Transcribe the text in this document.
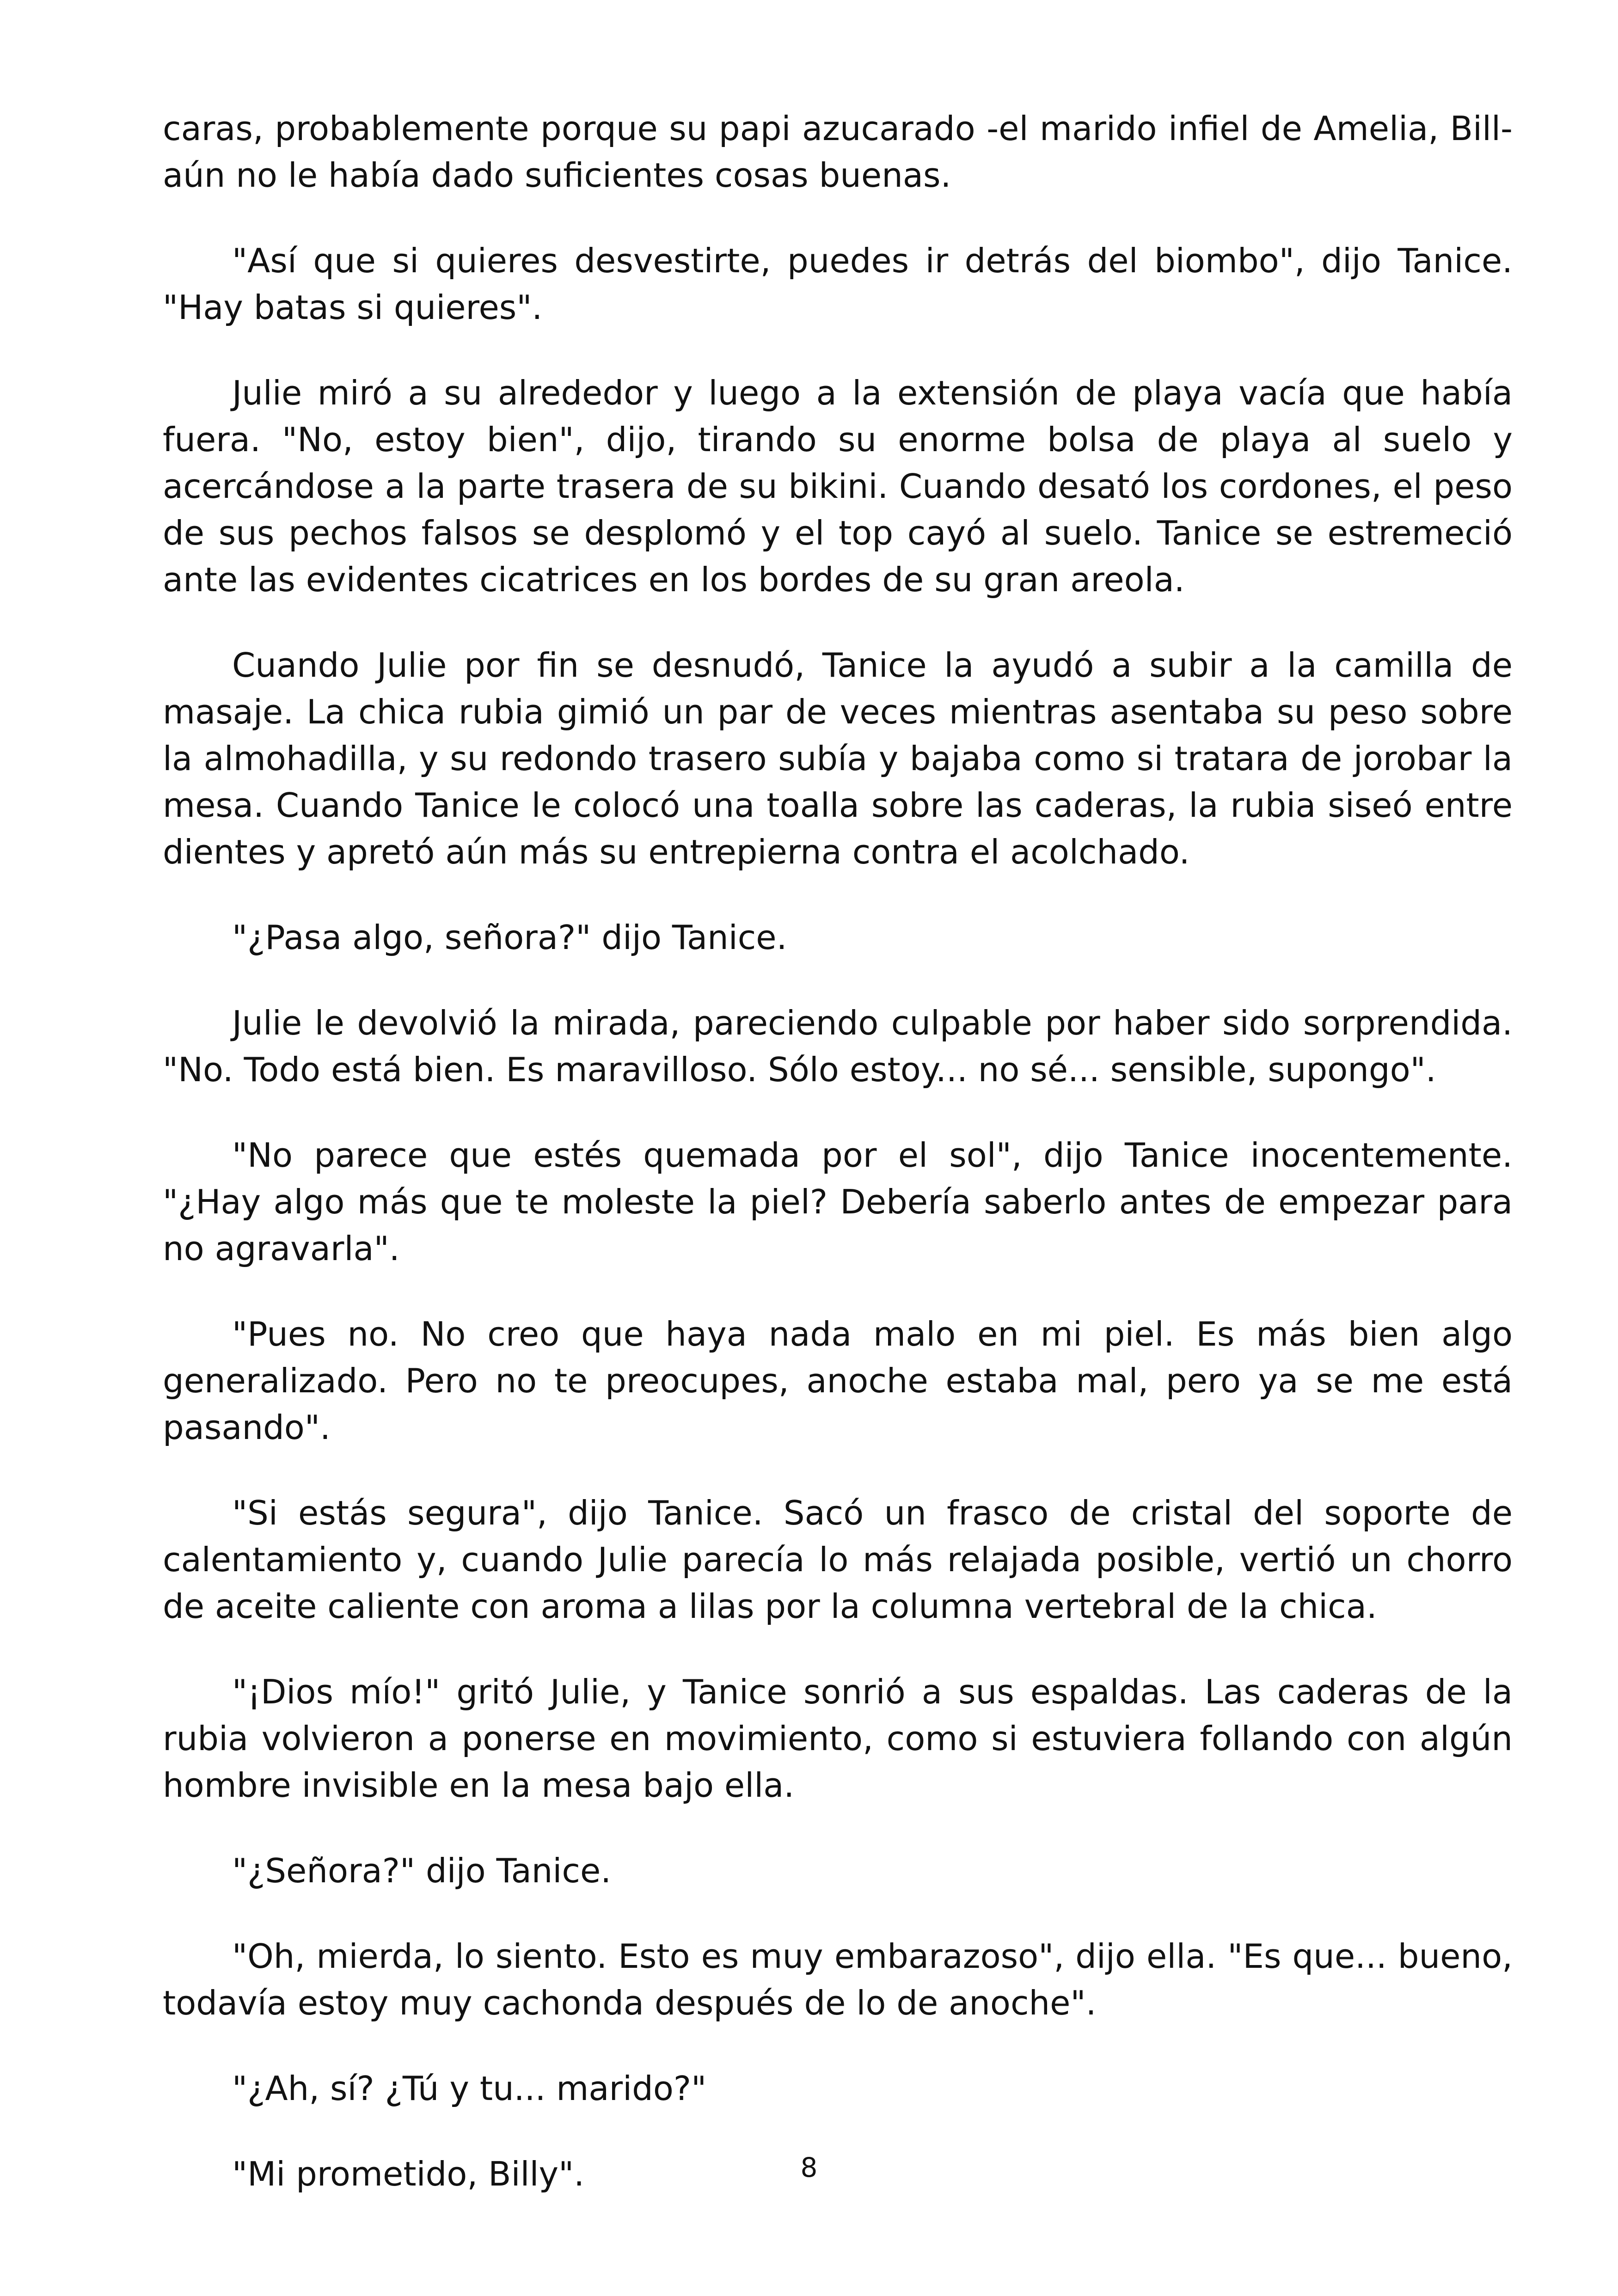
caras, probablemente porque su papi azucarado -el marido infiel de Amelia, Bill- aún no le había dado suficientes cosas buenas.

"Así que si quieres desvestirte, puedes ir detrás del biombo", dijo Tanice. "Hay batas si quieres".

Julie miró a su alrededor y luego a la extensión de playa vacía que había fuera. "No, estoy bien", dijo, tirando su enorme bolsa de playa al suelo y acercándose a la parte trasera de su bikini. Cuando desató los cordones, el peso de sus pechos falsos se desplomó y el top cayó al suelo. Tanice se estremeció ante las evidentes cicatrices en los bordes de su gran areola.

Cuando Julie por fin se desnudó, Tanice la ayudó a subir a la camilla de masaje. La chica rubia gimió un par de veces mientras asentaba su peso sobre la almohadilla, y su redondo trasero subía y bajaba como si tratara de jorobar la mesa. Cuando Tanice le colocó una toalla sobre las caderas, la rubia siseó entre dientes y apretó aún más su entrepierna contra el acolchado.

"¿Pasa algo, señora?" dijo Tanice.

Julie le devolvió la mirada, pareciendo culpable por haber sido sorprendida. "No. Todo está bien. Es maravilloso. Sólo estoy... no sé... sensible, supongo".

"No parece que estés quemada por el sol", dijo Tanice inocentemente. "¿Hay algo más que te moleste la piel? Debería saberlo antes de empezar para no agravarla".

"Pues no. No creo que haya nada malo en mi piel. Es más bien algo generalizado. Pero no te preocupes, anoche estaba mal, pero ya se me está pasando".

"Si estás segura", dijo Tanice. Sacó un frasco de cristal del soporte de calentamiento y, cuando Julie parecía lo más relajada posible, vertió un chorro de aceite caliente con aroma a lilas por la columna vertebral de la chica.

"¡Dios mío!" gritó Julie, y Tanice sonrió a sus espaldas. Las caderas de la rubia volvieron a ponerse en movimiento, como si estuviera follando con algún hombre invisible en la mesa bajo ella.

"¿Señora?" dijo Tanice.

"Oh, mierda, lo siento. Esto es muy embarazoso", dijo ella. "Es que... bueno, todavía estoy muy cachonda después de lo de anoche".

"¿Ah, sí? ¿Tú y tu... marido?"

"Mi prometido, Billy".	8
